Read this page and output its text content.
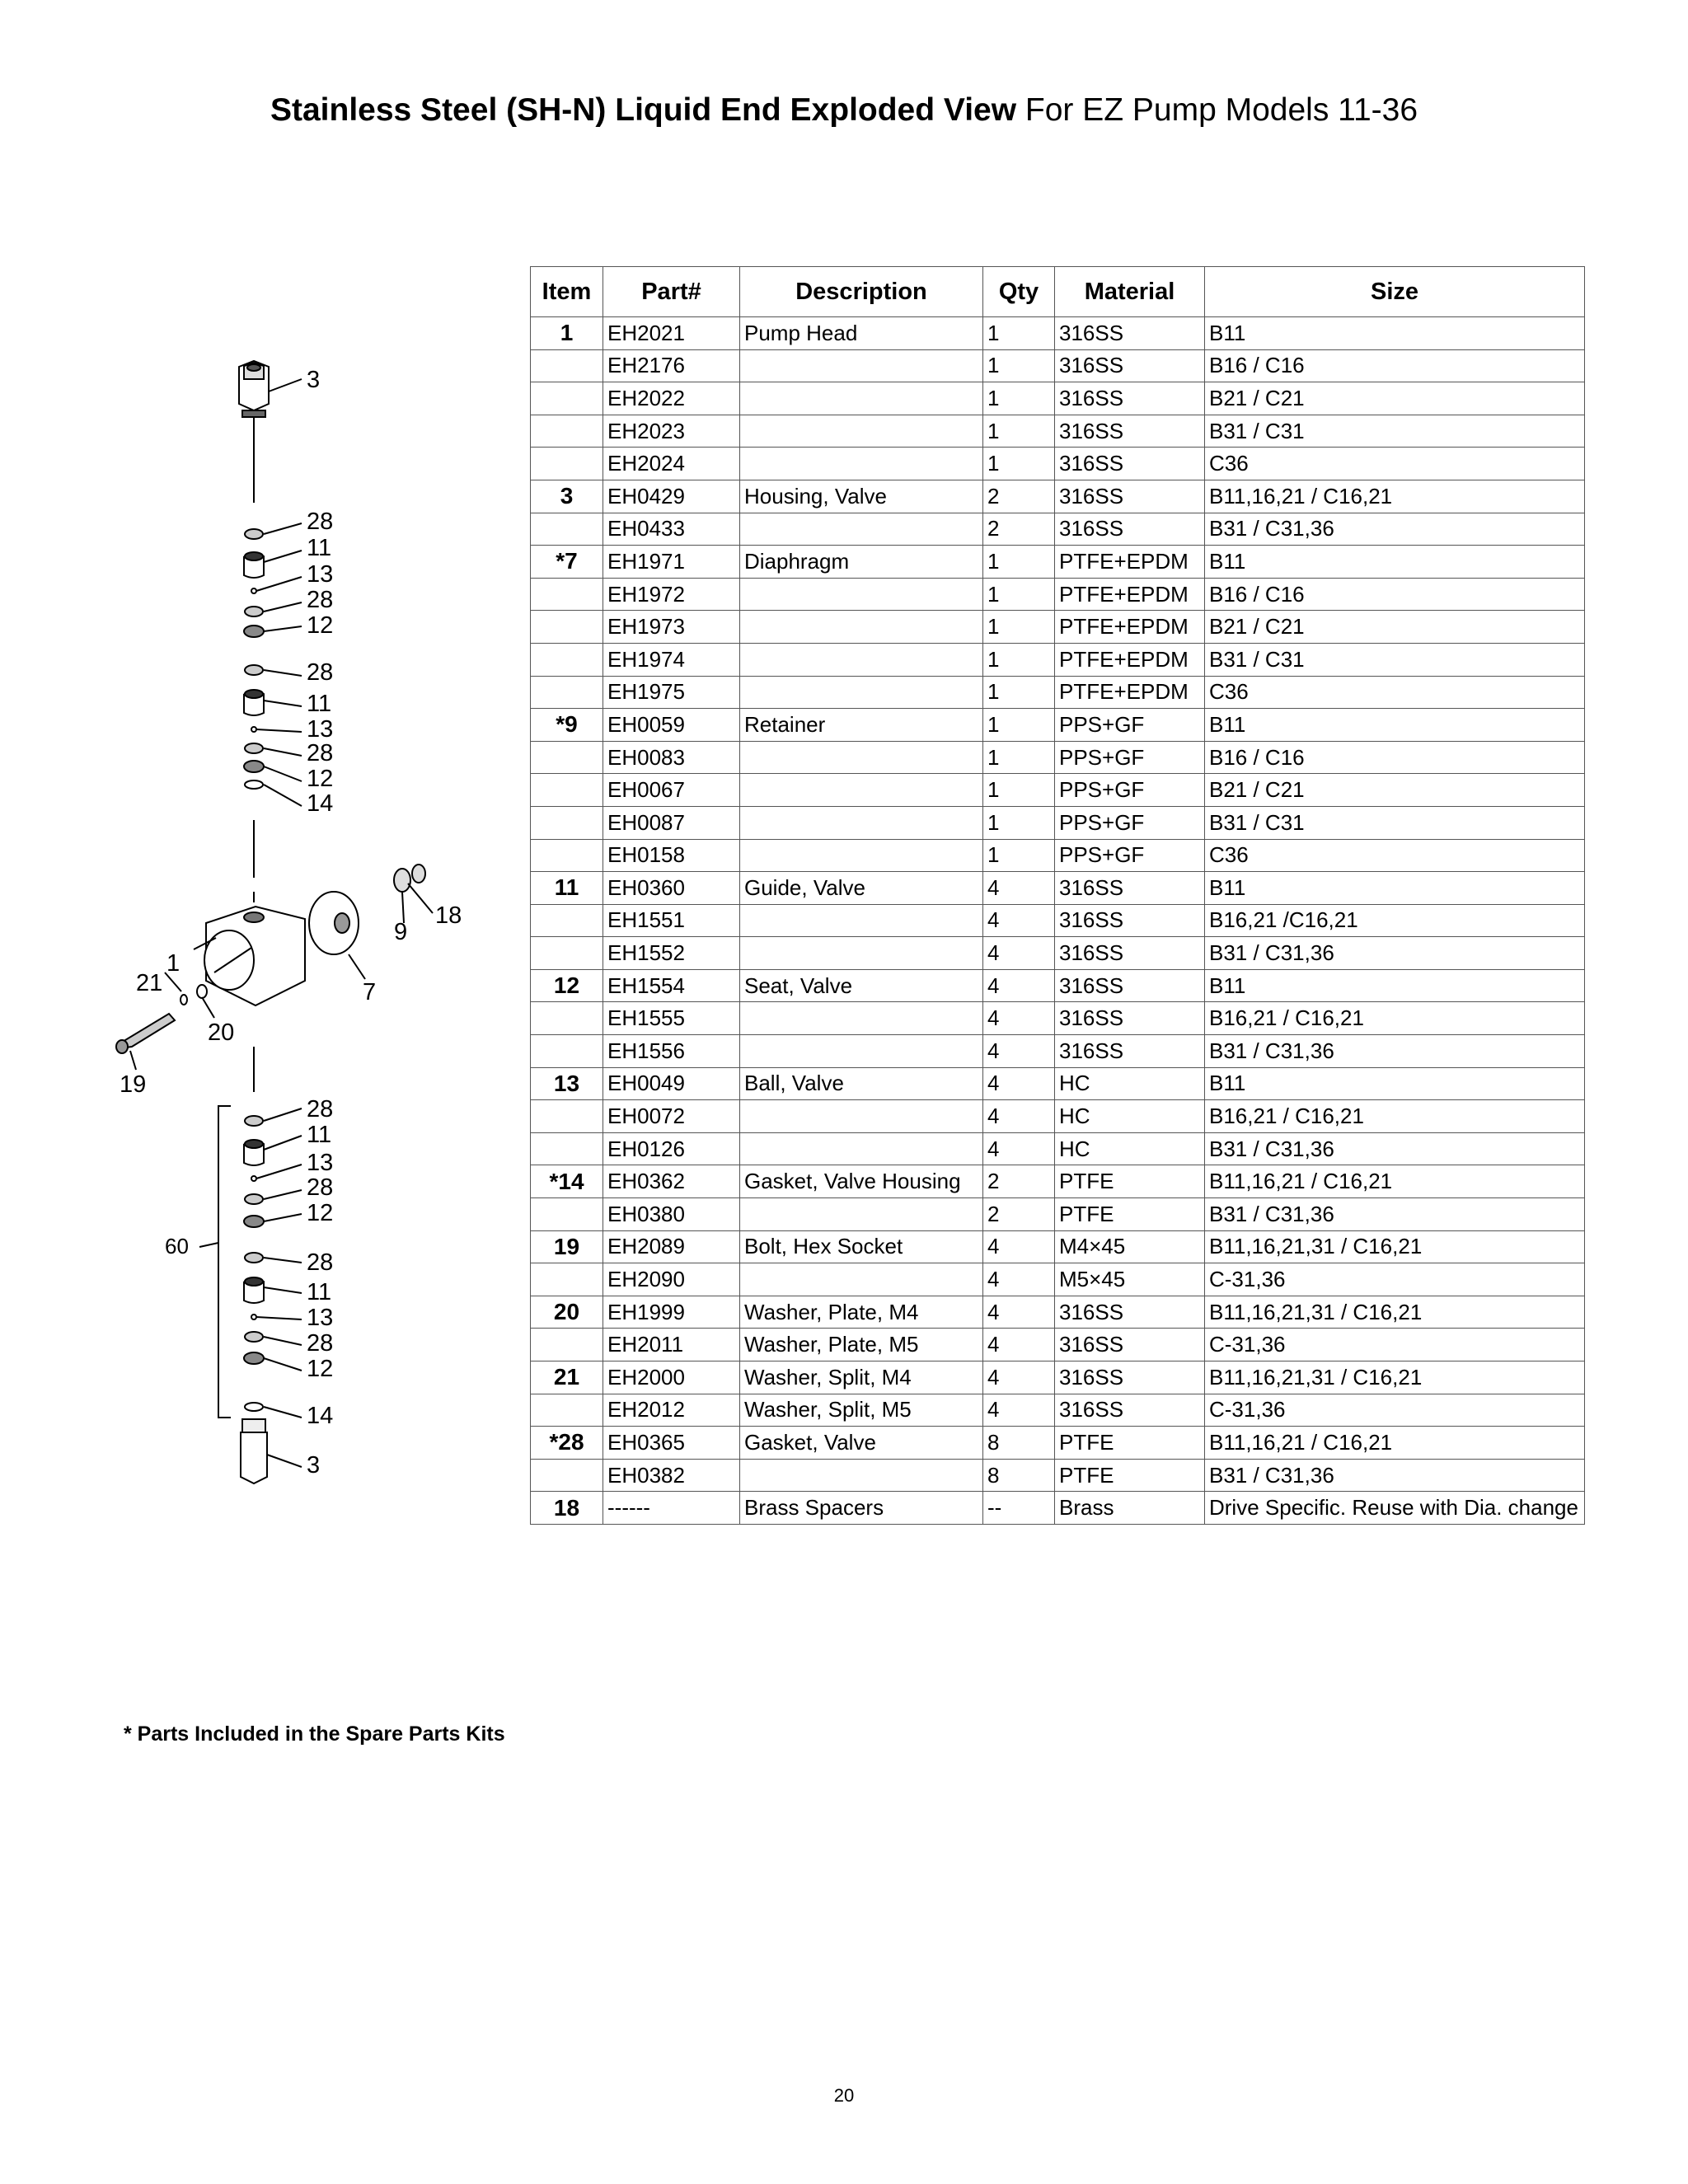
Stainless Steel (SH-N) Liquid End Exploded View For EZ Pump Models 11-36
3
28
11
13
28
12
28
11
13
28
12
14
18
9
7
1
21
20
19
28
11
13
28
12
60
28
11
13
28
12
14
3
Item	Part#	Description	Qty	Material	Size
1	EH2021	Pump Head	1	316SS	B11
	EH2176		1	316SS	B16 / C16
	EH2022		1	316SS	B21 / C21
	EH2023		1	316SS	B31 / C31
	EH2024		1	316SS	C36
3	EH0429	Housing, Valve	2	316SS	B11,16,21 / C16,21
	EH0433		2	316SS	B31 / C31,36
*7	EH1971	Diaphragm	1	PTFE+EPDM	B11
	EH1972		1	PTFE+EPDM	B16 / C16
	EH1973		1	PTFE+EPDM	B21 / C21
	EH1974		1	PTFE+EPDM	B31 / C31
	EH1975		1	PTFE+EPDM	C36
*9	EH0059	Retainer	1	PPS+GF	B11
	EH0083		1	PPS+GF	B16 / C16
	EH0067		1	PPS+GF	B21 / C21
	EH0087		1	PPS+GF	B31 / C31
	EH0158		1	PPS+GF	C36
11	EH0360	Guide, Valve	4	316SS	B11
	EH1551		4	316SS	B16,21 /C16,21
	EH1552		4	316SS	B31 / C31,36
12	EH1554	Seat, Valve	4	316SS	B11
	EH1555		4	316SS	B16,21 / C16,21
	EH1556		4	316SS	B31 / C31,36
13	EH0049	Ball, Valve	4	HC	B11
	EH0072		4	HC	B16,21 / C16,21
	EH0126		4	HC	B31 / C31,36
*14	EH0362	Gasket, Valve Housing	2	PTFE	B11,16,21 / C16,21
	EH0380		2	PTFE	B31 / C31,36
19	EH2089	Bolt, Hex Socket	4	M4×45	B11,16,21,31 / C16,21
	EH2090		4	M5×45	C-31,36
20	EH1999	Washer, Plate, M4	4	316SS	B11,16,21,31 / C16,21
	EH2011	Washer, Plate, M5	4	316SS	C-31,36
21	EH2000	Washer, Split, M4	4	316SS	B11,16,21,31 / C16,21
	EH2012	Washer, Split, M5	4	316SS	C-31,36
*28	EH0365	Gasket, Valve	8	PTFE	B11,16,21 / C16,21
	EH0382		8	PTFE	B31 / C31,36
18	------	Brass Spacers	--	Brass	Drive Specific. Reuse with Dia. change
* Parts Included in the Spare Parts Kits
20
